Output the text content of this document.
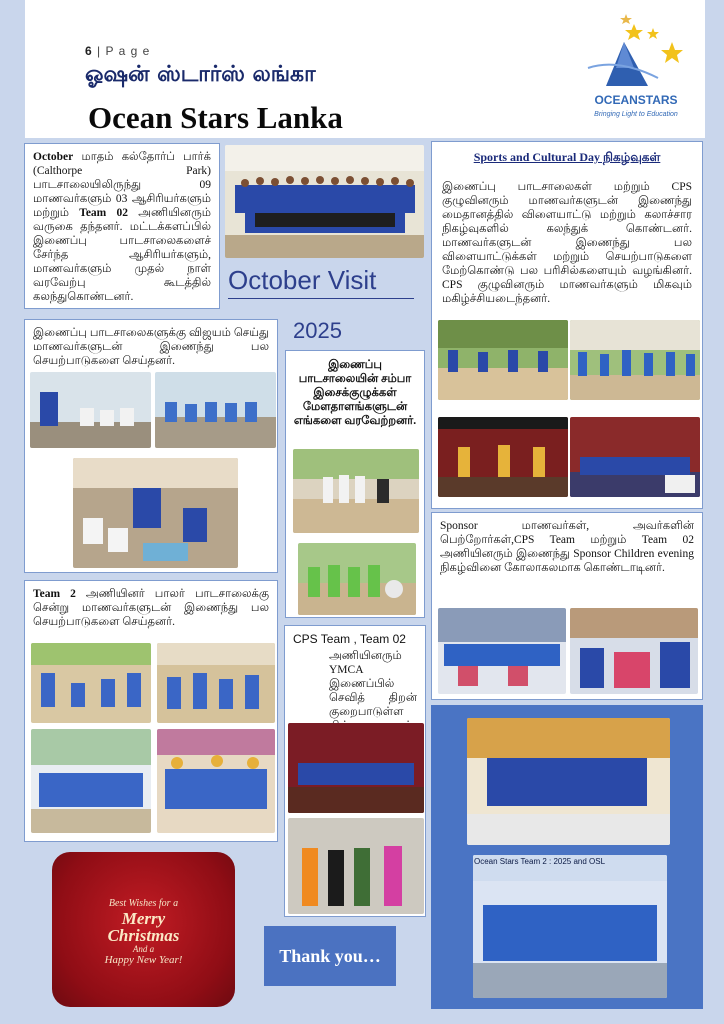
6 | P a g e
ஓஷன் ஸ்டார்ஸ் லங்கா
Ocean Stars Lanka	OCEANSTARS
Bringing Light to Education
October மாதம் கல்தோர்ப் பார்க் (Calthorpe Park) பாடசாலையிலிருந்து 09 மாணவர்களும் 03 ஆசிரியர்களும் மற்றும் Team 02 அணியினரும் வருகை தந்தனர். மட்டக்களப்பில் இணைப்பு பாடசாலைகளைச் சேர்ந்த ஆசிரியர்களும், மாணவர்களும் முதல் நாள் வரவேற்பு கூடத்தில் கலந்துகொண்டனர்.
October Visit
2025
Sports and Cultural Day நிகழ்வுகள்
இணைப்பு பாடசாலைகள் மற்றும் CPS குழுவினரும் மாணவர்களுடன் இணைந்து மைதானத்தில் விளையாட்டு மற்றும் கலாச்சார நிகழ்வுகளில் கலந்துக் கொண்டனர். மாணவர்களுடன் இணைந்து பல விளையாட்டுக்கள் மற்றும் செயற்பாடுகளை மேற்கொண்டு பல பரிசில்களையும் வழங்கினர். CPS குழுவினரும் மாணவர்களும் மிகவும் மகிழ்ச்சியடைந்தனர்.
இணைப்பு பாடசாலைகளுக்கு விஜயம் செய்து மாணவர்களுடன் இணைந்து பல செயற்பாடுகளை செய்தனர்.	இணைப்பு பாடசாலையின் சம்பா இசைக்குழுக்கள் மேளதாளங்களுடன் எங்களை வரவேற்றனர்.
Sponsor மாணவர்கள், அவர்களின் பெற்றோர்கள்,CPS Team மற்றும் Team 02 அணியினரும் இணைந்து Sponsor Children evening நிகழ்வினை கோலாகலமாக கொண்டாடினர்.
Team 2 அணியினர் பாலர் பாடசாலைக்கு சென்று மாணவர்களுடன் இணைந்து பல செயற்பாடுகளை செய்தனர்.
CPS Team , Team 02
அணியினரும் YMCA இணைப்பில் செவித் திறன் குறைபாடுள்ள
Ocean Stars Team 2 : 2025 and OSL
Best Wishes for a
Merry
Christmas
And a
Happy New Year!	Thank you…
